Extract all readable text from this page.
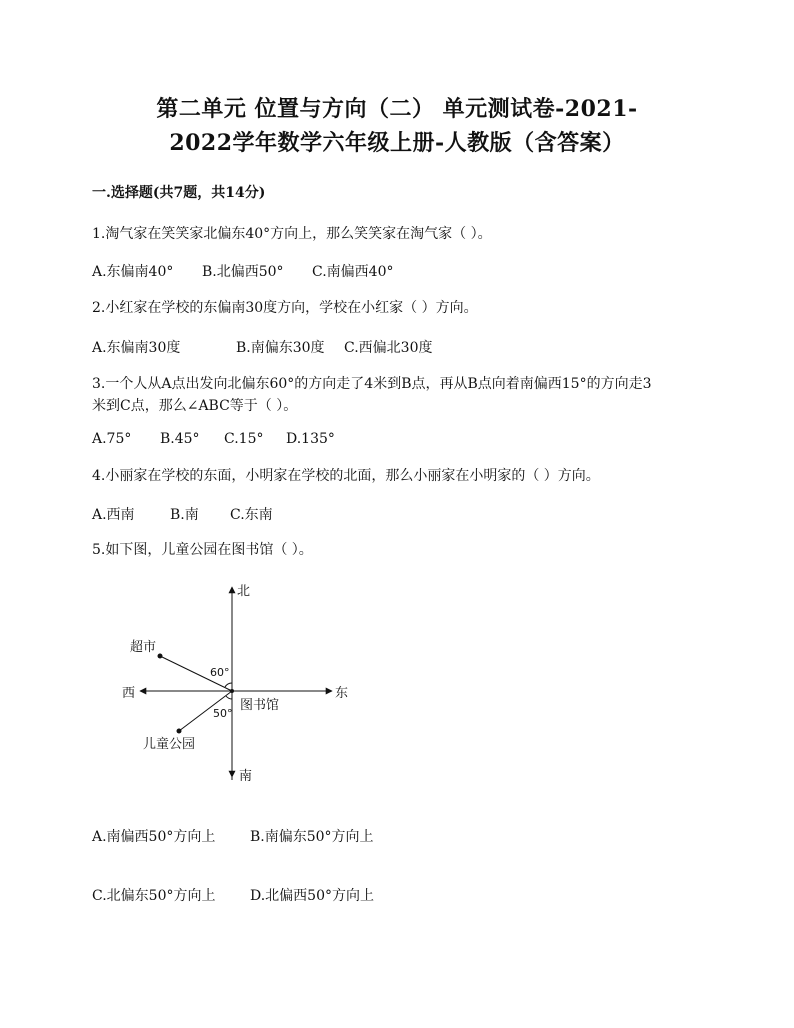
第二单元 位置与方向（二） 单元测试卷-2021-
2022学年数学六年级上册-人教版（含答案）
一.选择题(共7题，共14分)
1.淘气家在笑笑家北偏东40°方向上，那么笑笑家在淘气家（ ）。
A.东偏南40° B.北偏西50° C.南偏西40°
2.小红家在学校的东偏南30度方向，学校在小红家（ ）方向。
A.东偏南30度	B.南偏东30度 C.西偏北30度
3.一个人从A点出发向北偏东60°的方向走了4米到B点，再从B点向着南偏西15°的方向走3
米到C点，那么∠ABC等于（ ）。
A.75° B.45° C.15° D.135°
4.小丽家在学校的东面，小明家在学校的北面，那么小丽家在小明家的（ ）方向。
A.西南	B.南 C.东南
5.如下图，儿童公园在图书馆（ ）。
北
南
东
西
图书馆
超市
儿童公园
60°
50°
A.南偏西50°方向上 B.南偏东50°方向上
C.北偏东50°方向上 D.北偏西50°方向上
